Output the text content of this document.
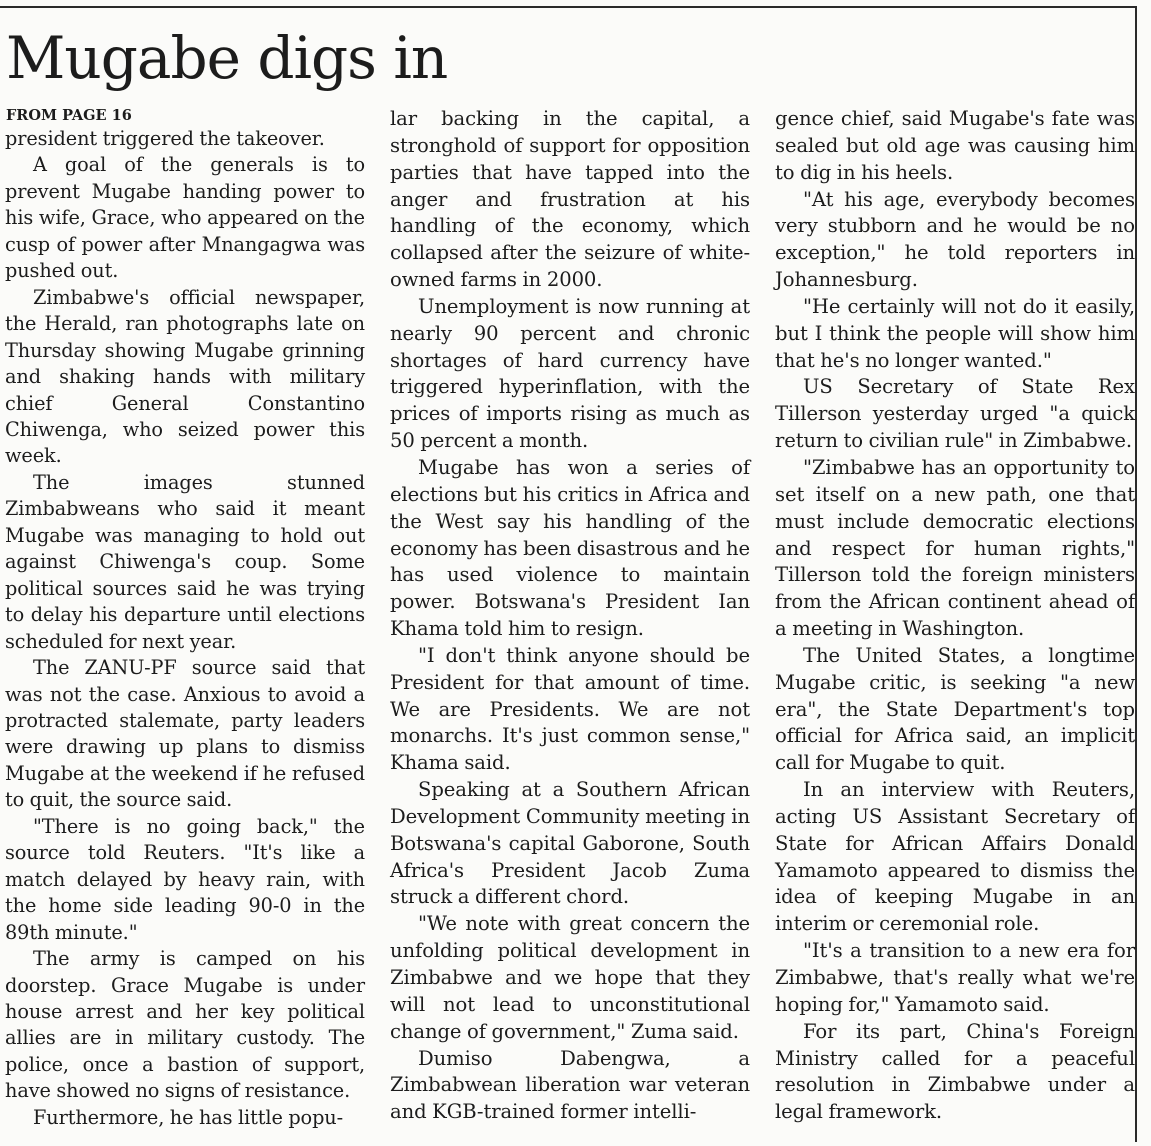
Mugabe digs in
FROM PAGE 16

president triggered the takeover.

A goal of the generals is to prevent Mugabe handing power to his wife, Grace, who appeared on the cusp of power after Mnangagwa was pushed out.

Zimbabwe's official newspaper, the Herald, ran photographs late on Thursday showing Mugabe grinning and shaking hands with military chief General Constantino Chiwenga, who seized power this week.

The images stunned Zimbabweans who said it meant Mugabe was managing to hold out against Chiwenga's coup. Some political sources said he was trying to delay his departure until elections scheduled for next year.

The ZANU-PF source said that was not the case. Anxious to avoid a protracted stalemate, party leaders were drawing up plans to dismiss Mugabe at the weekend if he refused to quit, the source said.

"There is no going back," the source told Reuters. "It's like a match delayed by heavy rain, with the home side leading 90-0 in the 89th minute."

The army is camped on his doorstep. Grace Mugabe is under house arrest and her key political allies are in military custody. The police, once a bastion of support, have showed no signs of resistance.

Furthermore, he has little popu-

lar backing in the capital, a stronghold of support for opposition parties that have tapped into the anger and frustration at his handling of the economy, which collapsed after the seizure of white-owned farms in 2000.

Unemployment is now running at nearly 90 percent and chronic shortages of hard currency have triggered hyperinflation, with the prices of imports rising as much as 50 percent a month.

Mugabe has won a series of elections but his critics in Africa and the West say his handling of the economy has been disastrous and he has used violence to maintain power. Botswana's President Ian Khama told him to resign.

"I don't think anyone should be President for that amount of time. We are Presidents. We are not monarchs. It's just common sense," Khama said.

Speaking at a Southern African Development Community meeting in Botswana's capital Gaborone, South Africa's President Jacob Zuma struck a different chord.

"We note with great concern the unfolding political development in Zimbabwe and we hope that they will not lead to unconstitutional change of government," Zuma said.

Dumiso Dabengwa, a Zimbabwean liberation war veteran and KGB-trained former intelli-

gence chief, said Mugabe's fate was sealed but old age was causing him to dig in his heels.

"At his age, everybody becomes very stubborn and he would be no exception," he told reporters in Johannesburg.

"He certainly will not do it easily, but I think the people will show him that he's no longer wanted."

US Secretary of State Rex Tillerson yesterday urged "a quick return to civilian rule" in Zimbabwe.

"Zimbabwe has an opportunity to set itself on a new path, one that must include democratic elections and respect for human rights," Tillerson told the foreign ministers from the African continent ahead of a meeting in Washington.

The United States, a longtime Mugabe critic, is seeking "a new era", the State Department's top official for Africa said, an implicit call for Mugabe to quit.

In an interview with Reuters, acting US Assistant Secretary of State for African Affairs Donald Yamamoto appeared to dismiss the idea of keeping Mugabe in an interim or ceremonial role.

"It's a transition to a new era for Zimbabwe, that's really what we're hoping for," Yamamoto said.

For its part, China's Foreign Ministry called for a peaceful resolution in Zimbabwe under a legal framework.
